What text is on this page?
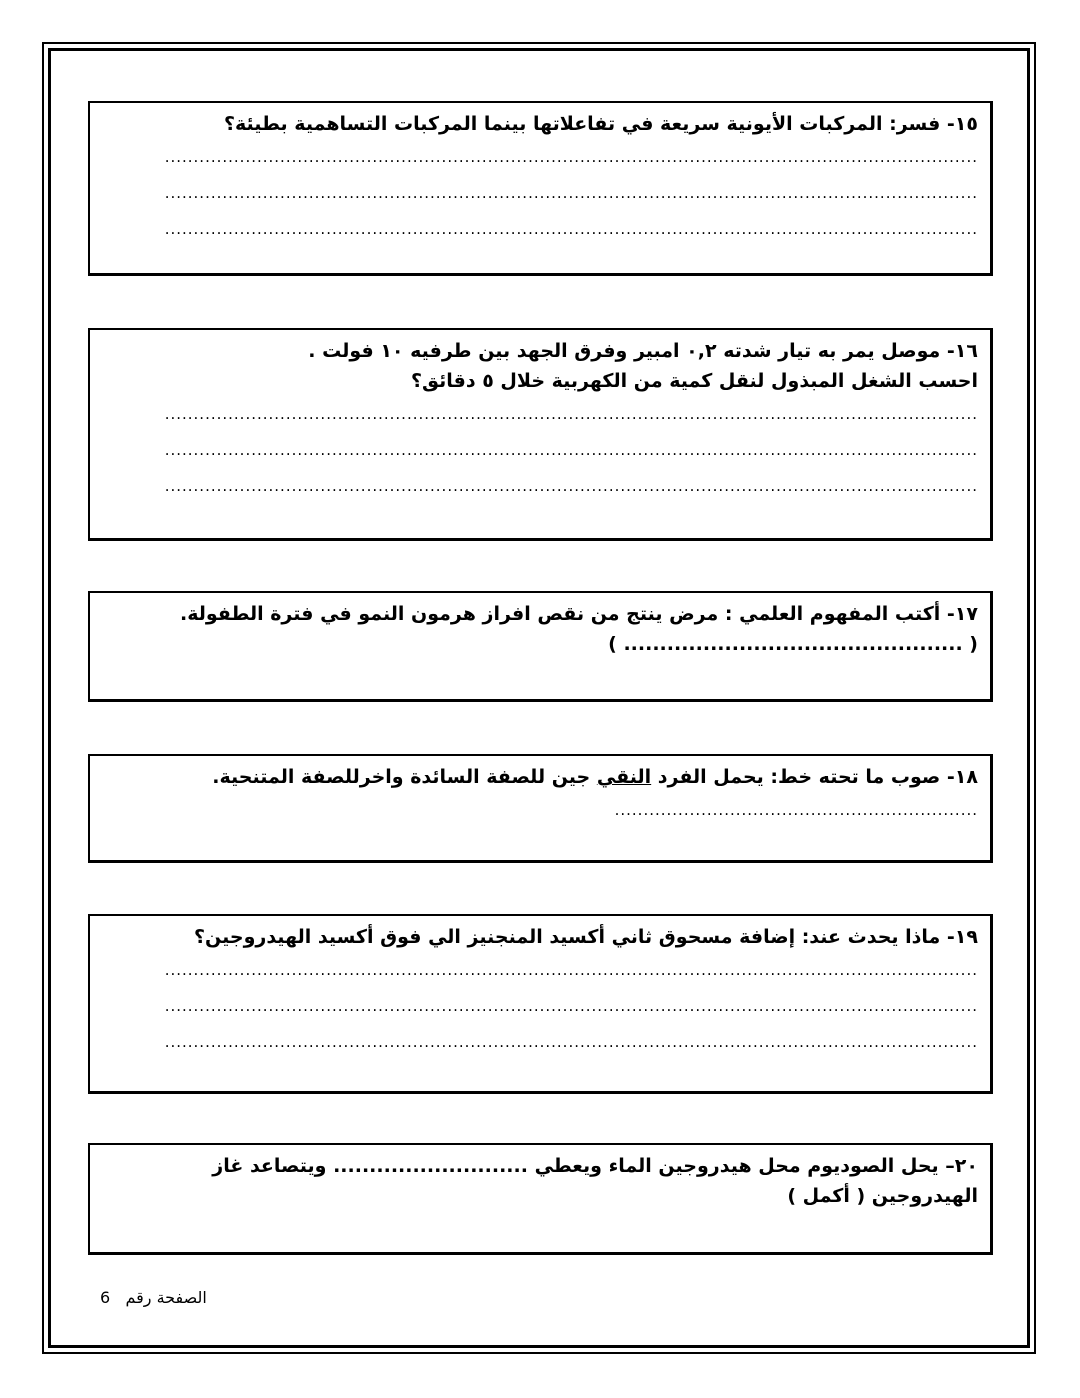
١٥- فسر: المركبات الأيونية سريعة في تفاعلاتها بينما المركبات التساهمية بطيئة؟
.............................................................................................................................................
.............................................................................................................................................
.............................................................................................................................................
١٦- موصل يمر به تيار شدته ٠,٢ امبير وفرق الجهد بين طرفيه ١٠ فولت .
احسب الشغل المبذول لنقل كمية من الكهربية خلال ٥ دقائق؟
.............................................................................................................................................
.............................................................................................................................................
.............................................................................................................................................
١٧- أكتب المفهوم العلمي : مرض ينتج من نقص افراز هرمون النمو في فترة الطفولة.
( ............................................... )
١٨- صوب ما تحته خط: يحمل الفرد النقي جين للصفة السائدة واخرللصفة المتنحية.
...............................................................
١٩- ماذا يحدث عند: إضافة مسحوق ثاني أكسيد المنجنيز الي فوق أكسيد الهيدروجين؟
.............................................................................................................................................
.............................................................................................................................................
.............................................................................................................................................
٢٠– يحل الصوديوم محل هيدروجين الماء ويعطي ........................... ويتصاعد غاز
الهيدروجين ( أكمل )
الصفحة رقم   6
